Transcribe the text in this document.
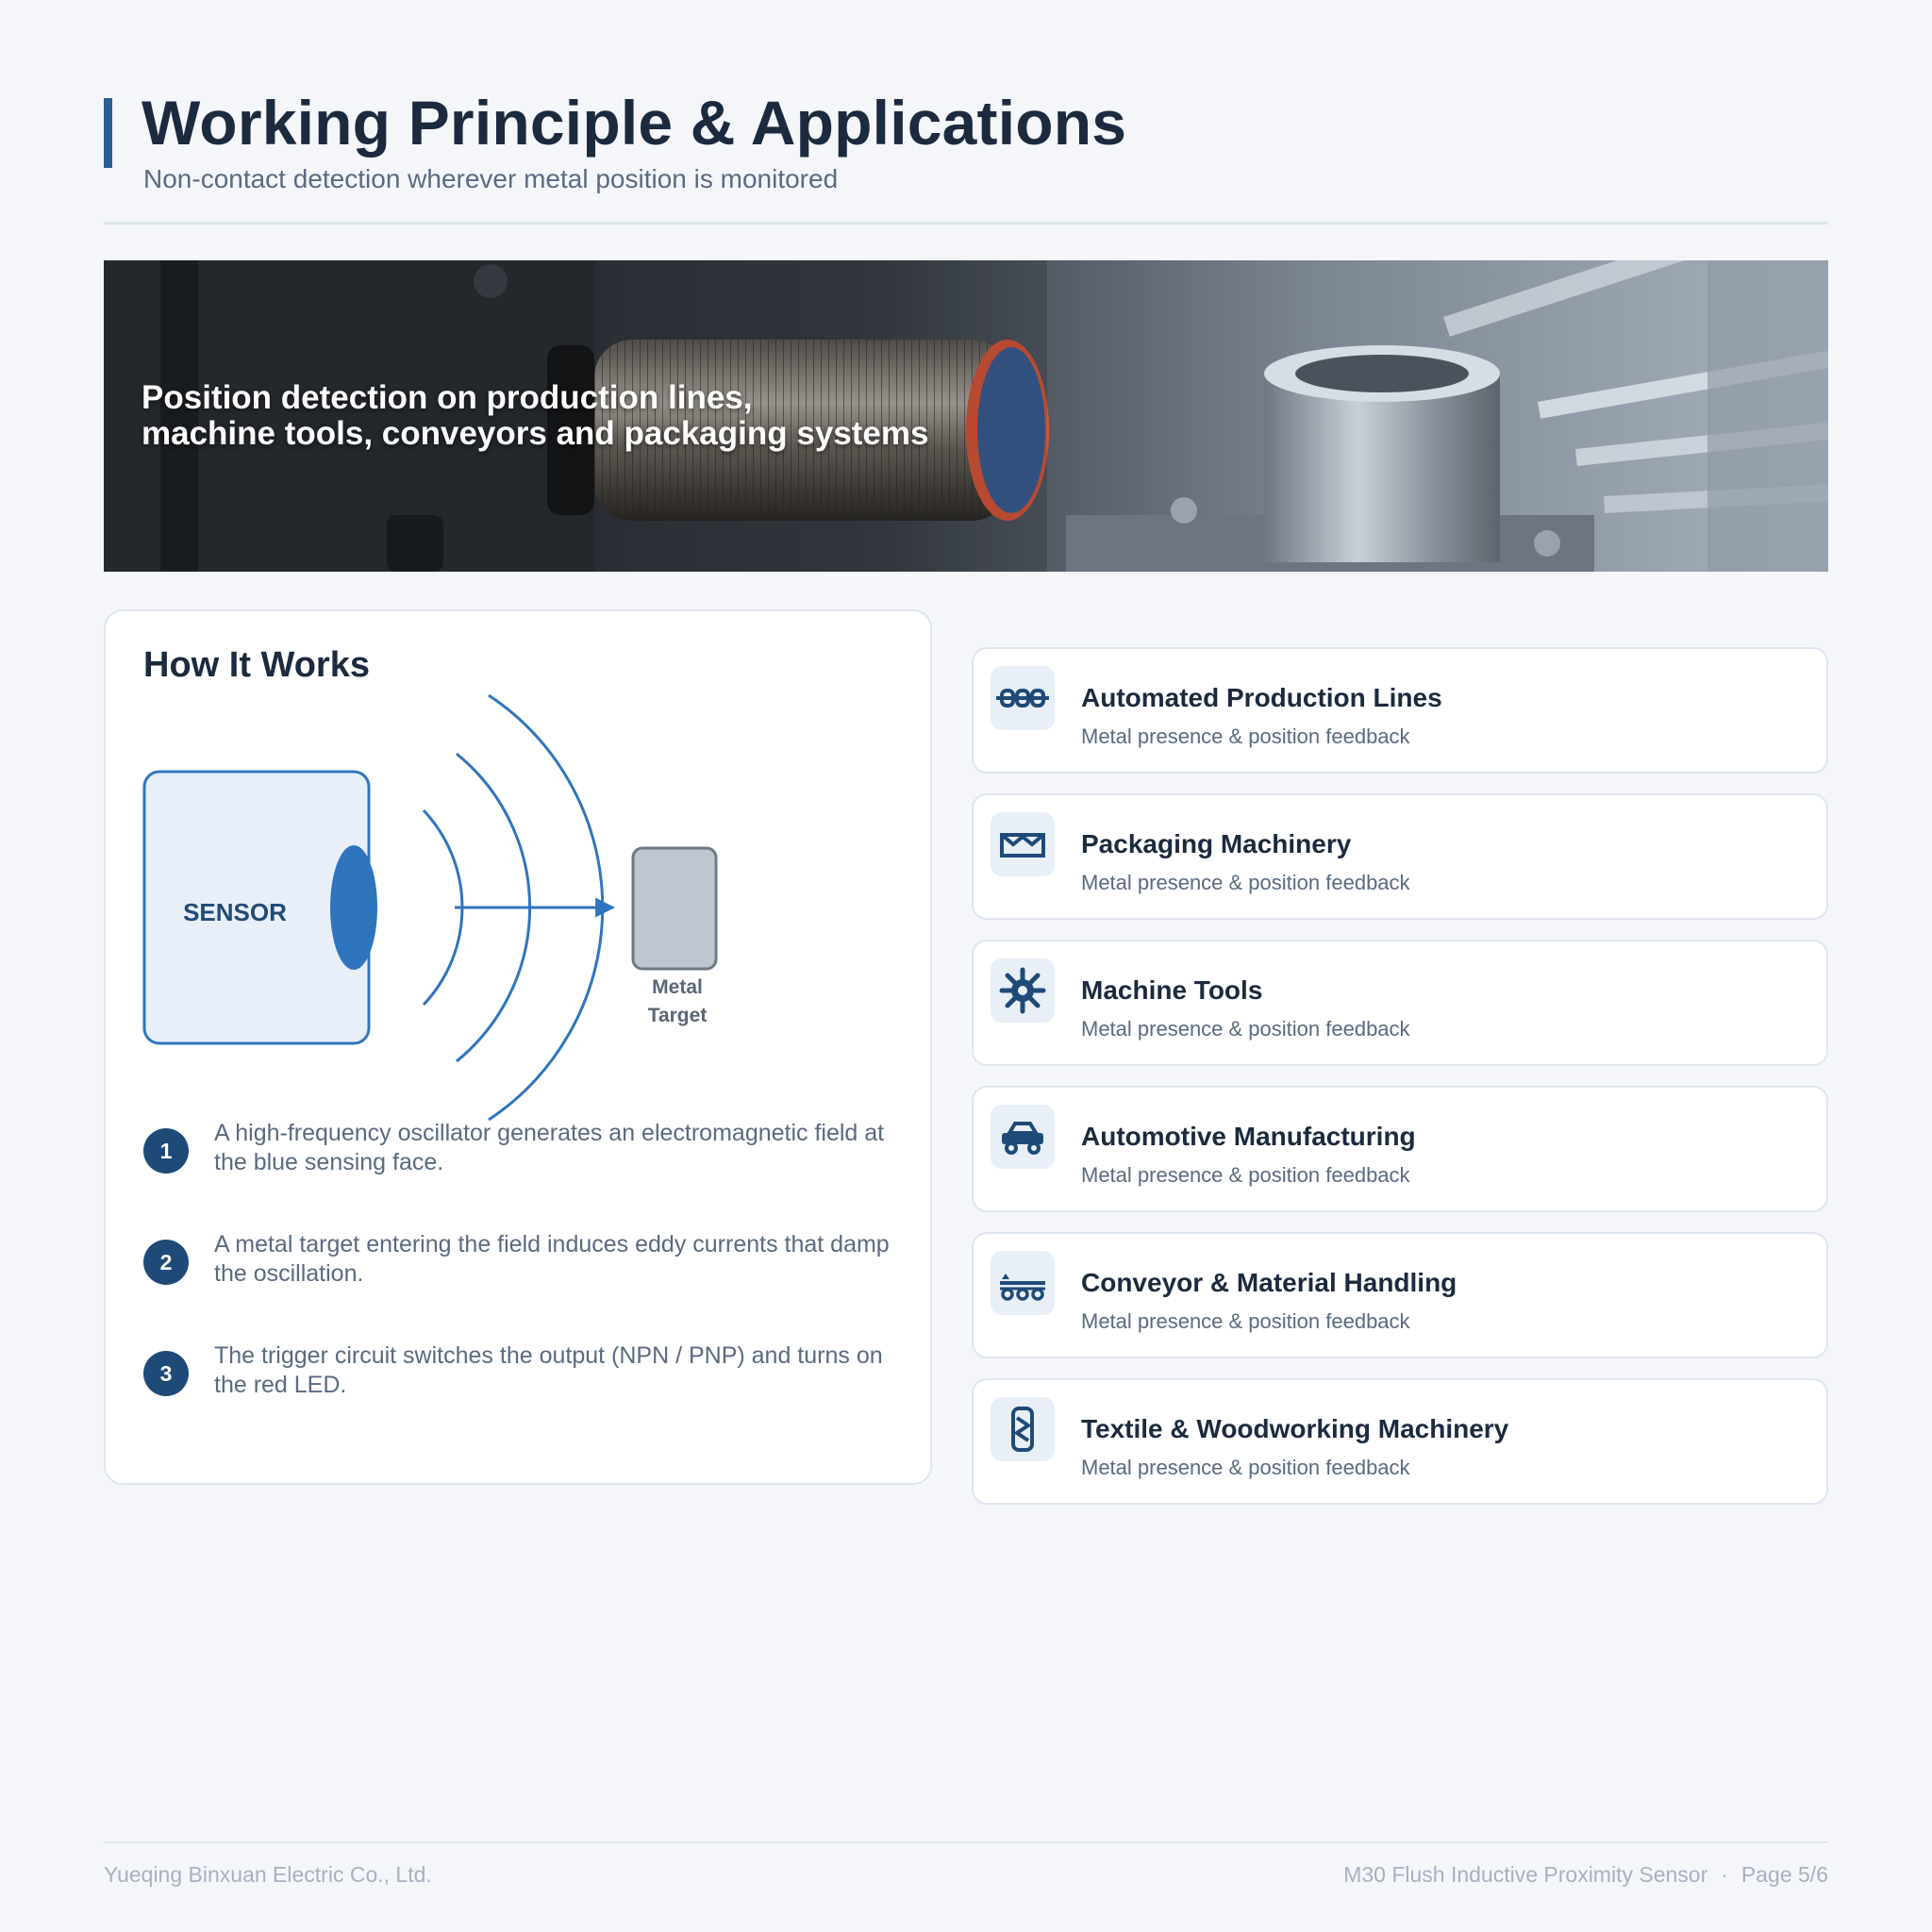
Working Principle & Applications
Non-contact detection wherever metal position is monitored
Position detection on production lines,
machine tools, conveyors and packaging systems
How It Works
SENSOR
Metal
Target
1
A high-frequency oscillator generates an electromagnetic field at the blue sensing face.
2
A metal target entering the field induces eddy currents that damp the oscillation.
3
The trigger circuit switches the output (NPN / PNP) and turns on the red LED.
Automated Production Lines
Metal presence & position feedback
Packaging Machinery
Metal presence & position feedback
Machine Tools
Metal presence & position feedback
Automotive Manufacturing
Metal presence & position feedback
Conveyor & Material Handling
Metal presence & position feedback
Textile & Woodworking Machinery
Metal presence & position feedback
Yueqing Binxuan Electric Co., Ltd.	M30 Flush Inductive Proximity Sensor · Page 5/6
